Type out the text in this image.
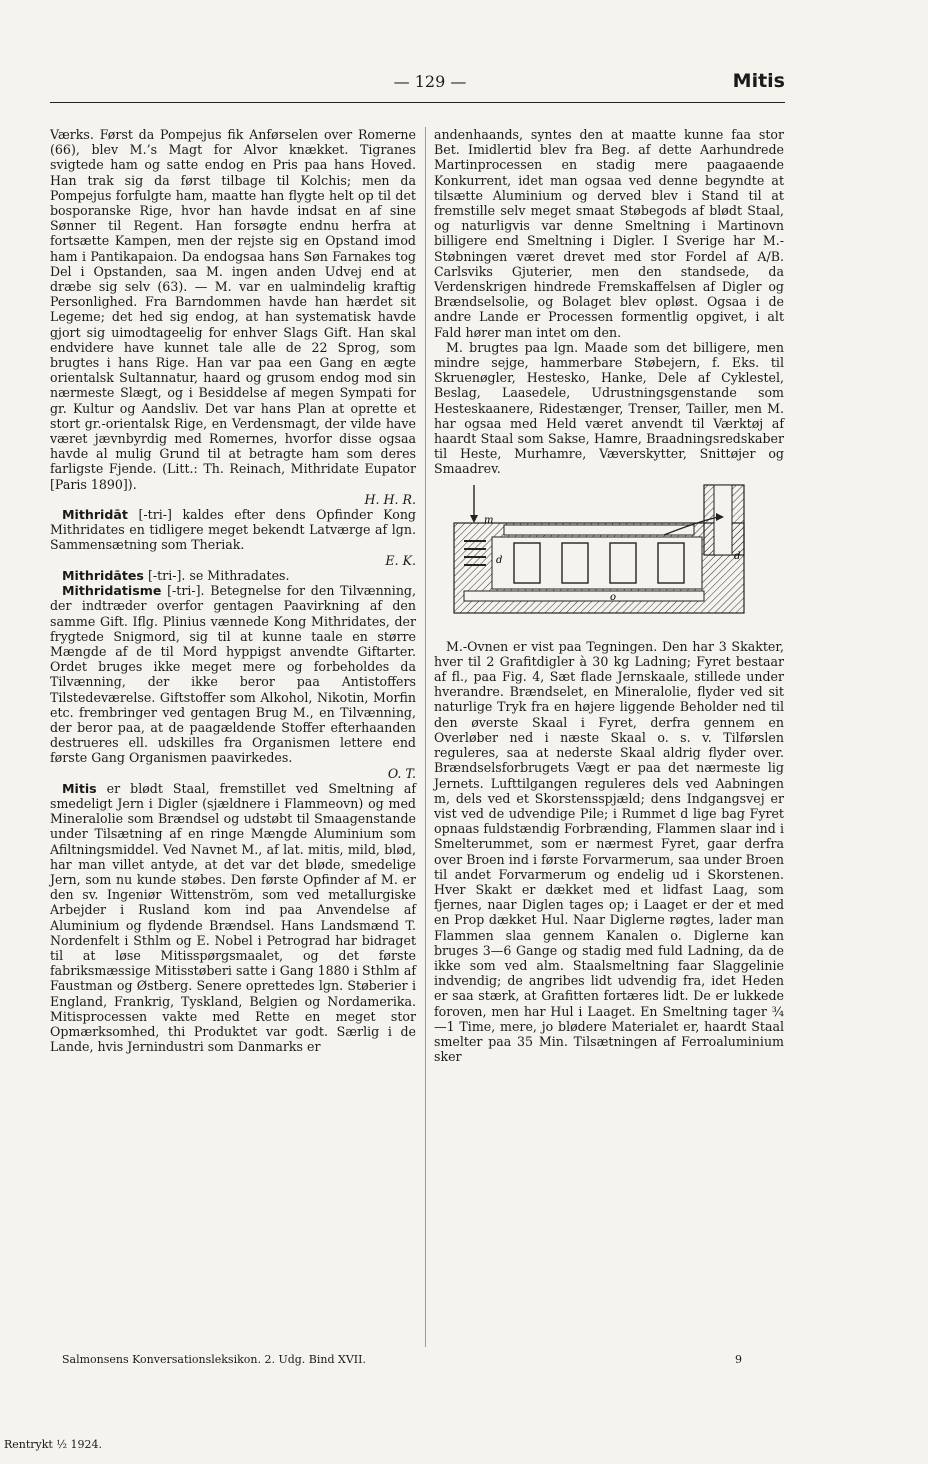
— 129 —	Mitis

Værks. Først da Pompejus fik Anførselen over Romerne (66), blev M.’s Magt for Alvor knækket. Tigranes svigtede ham og satte endog en Pris paa hans Hoved. Han trak sig da først tilbage til Kolchis; men da Pompejus forfulgte ham, maatte han flygte helt op til det bosporanske Rige, hvor han havde indsat en af sine Sønner til Regent. Han forsøgte endnu herfra at fortsætte Kampen, men der rejste sig en Opstand imod ham i Pantikapaion. Da endogsaa hans Søn Farnakes tog Del i Opstanden, saa M. ingen anden Udvej end at dræbe sig selv (63). — M. var en ualmindelig kraftig Personlighed. Fra Barndommen havde han hærdet sit Legeme; det hed sig endog, at han systematisk havde gjort sig uimodtageelig for enhver Slags Gift. Han skal endvidere have kunnet tale alle de 22 Sprog, som brugtes i hans Rige. Han var paa een Gang en ægte orientalsk Sultannatur, haard og grusom endog mod sin nærmeste Slægt, og i Besiddelse af megen Sympati for gr. Kultur og Aandsliv. Det var hans Plan at oprette et stort gr.-orientalsk Rige, en Verdensmagt, der vilde have været jævnbyrdig med Romernes, hvorfor disse ogsaa havde al mulig Grund til at betragte ham som deres farligste Fjende. (Litt.: Th. Reinach, Mithridate Eupator [Paris 1890]).

H. H. R.

Mithridāt [-tri-] kaldes efter dens Opfinder Kong Mithridates en tidligere meget bekendt Latværge af lgn. Sammensætning som Theriak.

E. K.

Mithridātes [-tri-]. se Mithradates.

Mithridatisme [-tri-]. Betegnelse for den Tilvænning, der indtræder overfor gentagen Paavirkning af den samme Gift. Iflg. Plinius vænnede Kong Mithridates, der frygtede Snigmord, sig til at kunne taale en større Mængde af de til Mord hyppigst anvendte Giftarter. Ordet bruges ikke meget mere og forbeholdes da Tilvænning, der ikke beror paa Antistoffers Tilstedeværelse. Giftstoffer som Alkohol, Nikotin, Morfin etc. frembringer ved gentagen Brug M., en Tilvænning, der beror paa, at de paagældende Stoffer efterhaanden destrueres ell. udskilles fra Organismen lettere end første Gang Organismen paavirkedes.

O. T.

Mitis er blødt Staal, fremstillet ved Smeltning af smedeligt Jern i Digler (sjældnere i Flammeovn) og med Mineralolie som Brændsel og udstøbt til Smaagenstande under Tilsætning af en ringe Mængde Aluminium som Afiltningsmiddel. Ved Navnet M., af lat. mitis, mild, blød, har man villet antyde, at det var det bløde, smedelige Jern, som nu kunde støbes. Den første Opfinder af M. er den sv. Ingeniør Wittenström, som ved metallurgiske Arbejder i Rusland kom ind paa Anvendelse af Aluminium og flydende Brændsel. Hans Landsmænd T. Nordenfelt i Sthlm og E. Nobel i Petrograd har bidraget til at løse Mitisspørgsmaalet, og det første fabriksmæssige Mitisstøberi satte i Gang 1880 i Sthlm af Faustman og Østberg. Senere oprettedes lgn. Støberier i England, Frankrig, Tyskland, Belgien og Nordamerika. Mitisprocessen vakte med Rette en meget stor Opmærksomhed, thi Produktet var godt. Særlig i de Lande, hvis Jernindustri som Danmarks er

andenhaands, syntes den at maatte kunne faa stor Bet. Imidlertid blev fra Beg. af dette Aarhundrede Martinprocessen en stadig mere paagaaende Konkurrent, idet man ogsaa ved denne begyndte at tilsætte Aluminium og derved blev i Stand til at fremstille selv meget smaat Støbegods af blødt Staal, og naturligvis var denne Smeltning i Martinovn billigere end Smeltning i Digler. I Sverige har M.-Støbningen været drevet med stor Fordel af A/B. Carlsviks Gjuterier, men den standsede, da Verdenskrigen hindrede Fremskaffelsen af Digler og Brændselsolie, og Bolaget blev opløst. Ogsaa i de andre Lande er Processen formentlig opgivet, i alt Fald hører man intet om den.

M. brugtes paa lgn. Maade som det billigere, men mindre sejge, hammerbare Støbejern, f. Eks. til Skruenøgler, Hestesko, Hanke, Dele af Cyklestel, Beslag, Laasedele, Udrustningsgenstande som Hesteskaanere, Ridestænger, Trenser, Tailler, men M. har ogsaa med Held været anvendt til Værktøj af haardt Staal som Sakse, Hamre, Braadningsredskaber til Heste, Murhamre, Væverskytter, Snittøjer og Smaadrev.

m
d	d
o

M.-Ovnen er vist paa Tegningen. Den har 3 Skakter, hver til 2 Grafitdigler à 30 kg Ladning; Fyret bestaar af fl., paa Fig. 4, Sæt flade Jernskaale, stillede under hverandre. Brændselet, en Mineralolie, flyder ved sit naturlige Tryk fra en højere liggende Beholder ned til den øverste Skaal i Fyret, derfra gennem en Overløber ned i næste Skaal o. s. v. Tilførslen reguleres, saa at nederste Skaal aldrig flyder over. Brændselsforbrugets Vægt er paa det nærmeste lig Jernets. Lufttilgangen reguleres dels ved Aabningen m, dels ved et Skorstensspjæld; dens Indgangsvej er vist ved de udvendige Pile; i Rummet d lige bag Fyret opnaas fuldstændig Forbrænding, Flammen slaar ind i Smelterummet, som er nærmest Fyret, gaar derfra over Broen ind i første Forvarmerum, saa under Broen til andet Forvarmerum og endelig ud i Skorstenen. Hver Skakt er dækket med et lidfast Laag, som fjernes, naar Diglen tages op; i Laaget er der et med en Prop dækket Hul. Naar Diglerne røgtes, lader man Flammen slaa gennem Kanalen o. Diglerne kan bruges 3—6 Gange og stadig med fuld Ladning, da de ikke som ved alm. Staalsmeltning faar Slaggelinie indvendig; de angribes lidt udvendig fra, idet Heden er saa stærk, at Grafitten fortæres lidt. De er lukkede foroven, men har Hul i Laaget. En Smeltning tager ¾—1 Time, mere, jo blødere Materialet er, haardt Staal smelter paa 35 Min. Tilsætningen af Ferroaluminium sker

Salmonsens Konversationsleksikon. 2. Udg. Bind XVII.	9
Rentrykt ½ 1924.
